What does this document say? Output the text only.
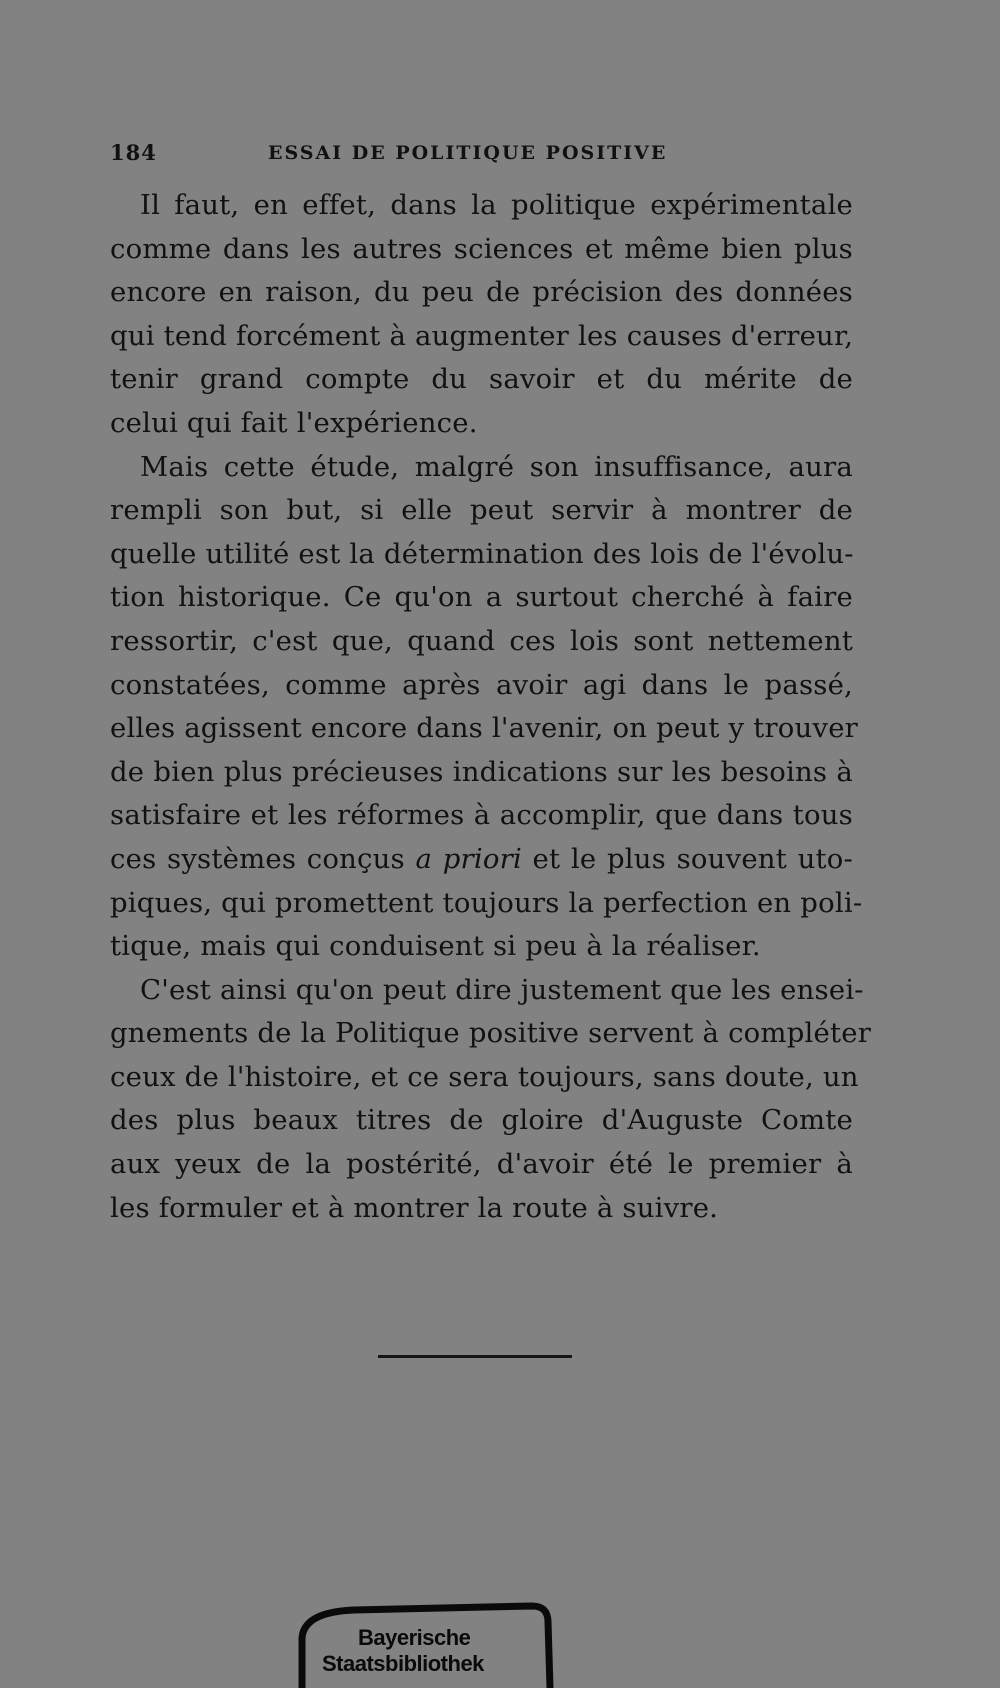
184	ESSAI DE POLITIQUE POSITIVE
Il faut, en effet, dans la politique expérimentale
comme dans les autres sciences et même bien plus
encore en raison, du peu de précision des données
qui tend forcément à augmenter les causes d'erreur,
tenir grand compte du savoir et du mérite de
celui qui fait l'expérience.
Mais cette étude, malgré son insuffisance, aura
rempli son but, si elle peut servir à montrer de
quelle utilité est la détermination des lois de l'évolu-
tion historique. Ce qu'on a surtout cherché à faire
ressortir, c'est que, quand ces lois sont nettement
constatées, comme après avoir agi dans le passé,
elles agissent encore dans l'avenir, on peut y trouver
de bien plus précieuses indications sur les besoins à
satisfaire et les réformes à accomplir, que dans tous
ces systèmes conçus a priori et le plus souvent uto-
piques, qui promettent toujours la perfection en poli-
tique, mais qui conduisent si peu à la réaliser.
C'est ainsi qu'on peut dire justement que les ensei-
gnements de la Politique positive servent à compléter
ceux de l'histoire, et ce sera toujours, sans doute, un
des plus beaux titres de gloire d'Auguste Comte
aux yeux de la postérité, d'avoir été le premier à
les formuler et à montrer la route à suivre.
Bayerische
Staatsbibliothek
